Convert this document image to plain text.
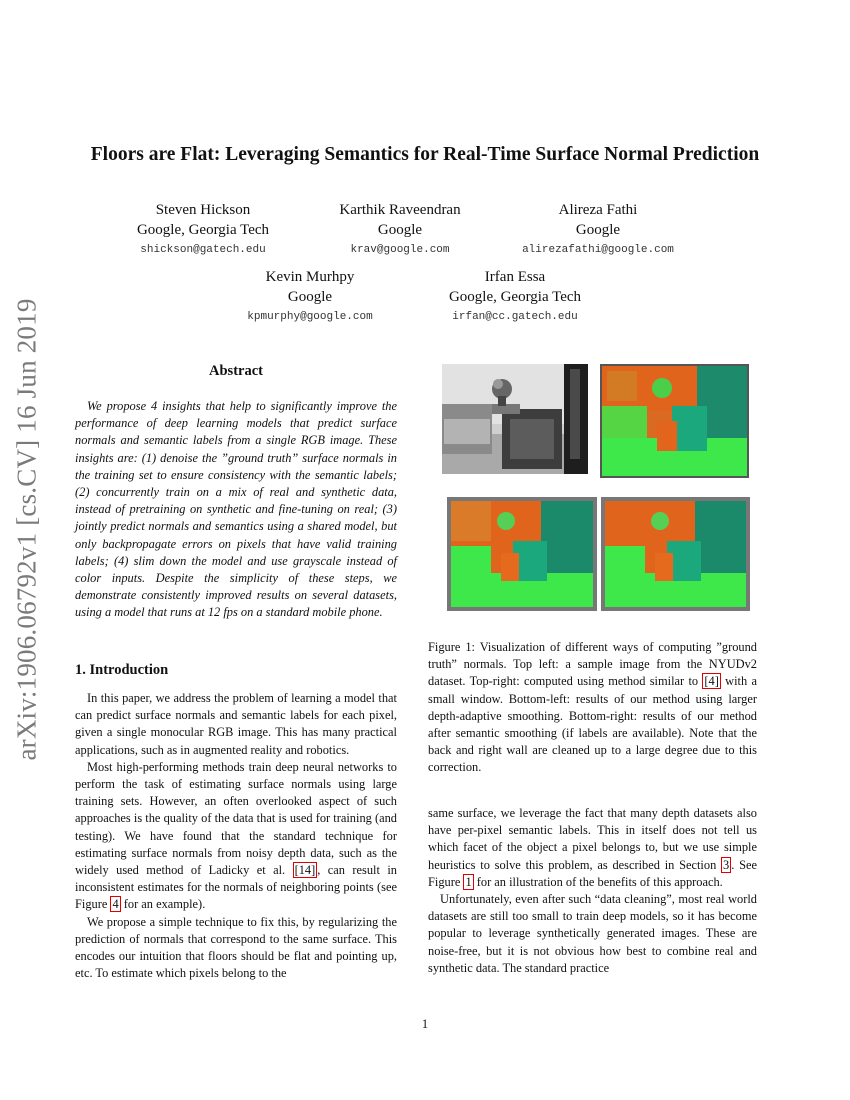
arXiv:1906.06792v1 [cs.CV] 16 Jun 2019
Floors are Flat: Leveraging Semantics for Real-Time Surface Normal Prediction
Steven Hickson
Google, Georgia Tech
shickson@gatech.edu
Karthik Raveendran
Google
krav@google.com
Alireza Fathi
Google
alirezafathi@google.com
Kevin Murhpy
Google
kpmurphy@google.com
Irfan Essa
Google, Georgia Tech
irfan@cc.gatech.edu
Abstract

We propose 4 insights that help to significantly improve the performance of deep learning models that predict surface normals and semantic labels from a single RGB image. These insights are: (1) denoise the ”ground truth” surface normals in the training set to ensure consistency with the semantic labels; (2) concurrently train on a mix of real and synthetic data, instead of pretraining on synthetic and fine-tuning on real; (3) jointly predict normals and semantics using a shared model, but only backpropagate errors on pixels that have valid training labels; (4) slim down the model and use grayscale instead of color inputs. Despite the simplicity of these steps, we demonstrate consistently improved results on several datasets, using a model that runs at 12 fps on a standard mobile phone.

1. Introduction

In this paper, we address the problem of learning a model that can predict surface normals and semantic labels for each pixel, given a single monocular RGB image. This has many practical applications, such as in augmented reality and robotics.

Most high-performing methods train deep neural networks to perform the task of estimating surface normals using large training sets. However, an often overlooked aspect of such approaches is the quality of the data that is used for training (and testing). We have found that the standard technique for estimating surface normals from noisy depth data, such as the widely used method of Ladicky et al. [14] , can result in inconsistent estimates for the normals of neighboring points (see Figure 4 for an example).

We propose a simple technique to fix this, by regularizing the prediction of normals that correspond to the same surface. This encodes our intuition that floors should be flat and pointing up, etc. To estimate which pixels belong to the

Figure 1: Visualization of different ways of computing ”ground truth” normals. Top left: a sample image from the NYUDv2 dataset. Top-right: computed using method similar to [4] with a small window. Bottom-left: results of our method using larger depth-adaptive smoothing. Bottom-right: results of our method after semantic smoothing (if labels are available). Note that the back and right wall are cleaned up to a large degree due to this correction.

same surface, we leverage the fact that many depth datasets also have per-pixel semantic labels. This in itself does not tell us which facet of the object a pixel belongs to, but we use simple heuristics to solve this problem, as described in Section 3 . See Figure 1 for an illustration of the benefits of this approach.

Unfortunately, even after such “data cleaning”, most real world datasets are still too small to train deep models, so it has become popular to leverage synthetically generated images. These are noise-free, but it is not obvious how best to combine real and synthetic data. The standard practice

1
